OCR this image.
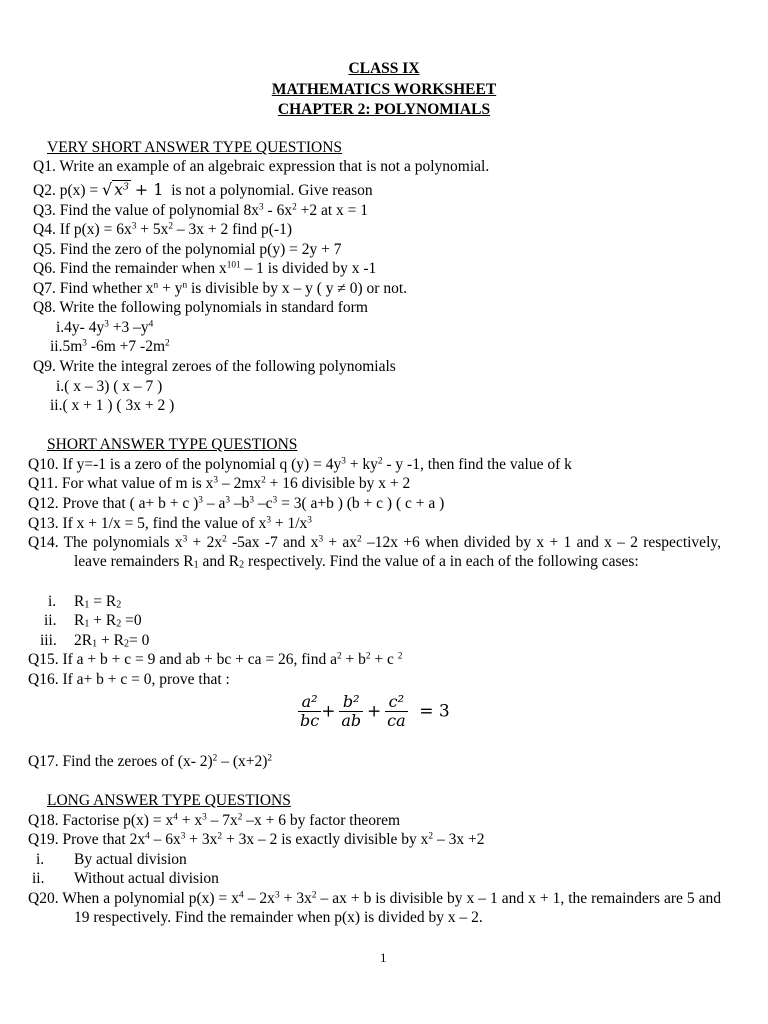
CLASS IX
MATHEMATICS WORKSHEET
CHAPTER 2: POLYNOMIALS
VERY SHORT ANSWER TYPE QUESTIONS
Q1. Write an example of an algebraic expression that is not a polynomial.
Q2. p(x) = √ $x^3 + 1$ is not a polynomial. Give reason
Q3. Find the value of polynomial $8x^3 - 6x^2 +2$ at x = 1
Q4. If $p(x) = 6x^3 + 5x^2 - 3x + 2$ find p(-1)
Q5. Find the zero of the polynomial p(y) = 2y + 7
Q6. Find the remainder when $x^{101} - 1$ is divided by x -1
Q7. Find whether $x^n + y^n$ is divisible by x – y ( y ≠ 0) or not.
Q8. Write the following polynomials in standard form
i.4y- $4y^3 +3$ $-y^4$
$ii.5m^3$ -6m +7 $-2m^2$
Q9. Write the integral zeroes of the following polynomials
i.( x – 3) ( x – 7 )
ii.( x + 1 ) ( 3x + 2 )
SHORT ANSWER TYPE QUESTIONS
Q10. If y=-1 is a zero of the polynomial q $(y) = 4y^3 + ky^2 - y$ -1, then find the value of k
Q11. For what value of m is $x^3 - 2mx^2 + 16$ divisible by x + 2
Q12. Prove that ( a+ b + c )$^3 - a^3$ $-b^3$ $-c^3 = 3$( a+b ) (b + c ) ( c + a )
Q13. If x + 1/x = 5, find the value of $x^3 + 1/x^3$
Q14. The polynomials $x^3 + 2x^2$ -5ax -7 and $x^3 + ax^2$ –12x +6 when divided by x + 1 and x – 2 respectively, leave remainders $R_1$ and $R_2$ respectively. Find the value of a in each of the following cases:
i. $R_1 = R_2$
ii. $R_1 + R_2 =0$
iii. $2R_1 + R_2= 0$
Q15. If a + b + c = 9 and ab + bc + ca = 26, find $a^2 + b^2 + c$ $^2$
Q16. If a+ b + c = 0, prove that :
$\frac{\text{a²}}{bc} + \frac{\text{b²}}{ab} + \frac{\text{c²}}{ca} = 3$
Q17. Find the zeroes of (x- $2)^2 - (x+2)^2$
LONG ANSWER TYPE QUESTIONS
Q18. Factorise $p(x) = x^4 + x^3 - 7x^2$ –x + 6 by factor theorem
Q19. Prove that $2x^4 - 6x^3 + 3x^2 + 3x - 2$ is exactly divisible by $x^2 - 3x +2$
i. By actual division
ii. Without actual division
Q20. When a polynomial $p(x) = x^4 - 2x^3 + 3x^2$ – ax + b is divisible by x – 1 and x + 1, the remainders are 5 and 19 respectively. Find the remainder when p(x) is divided by x – 2.
1
